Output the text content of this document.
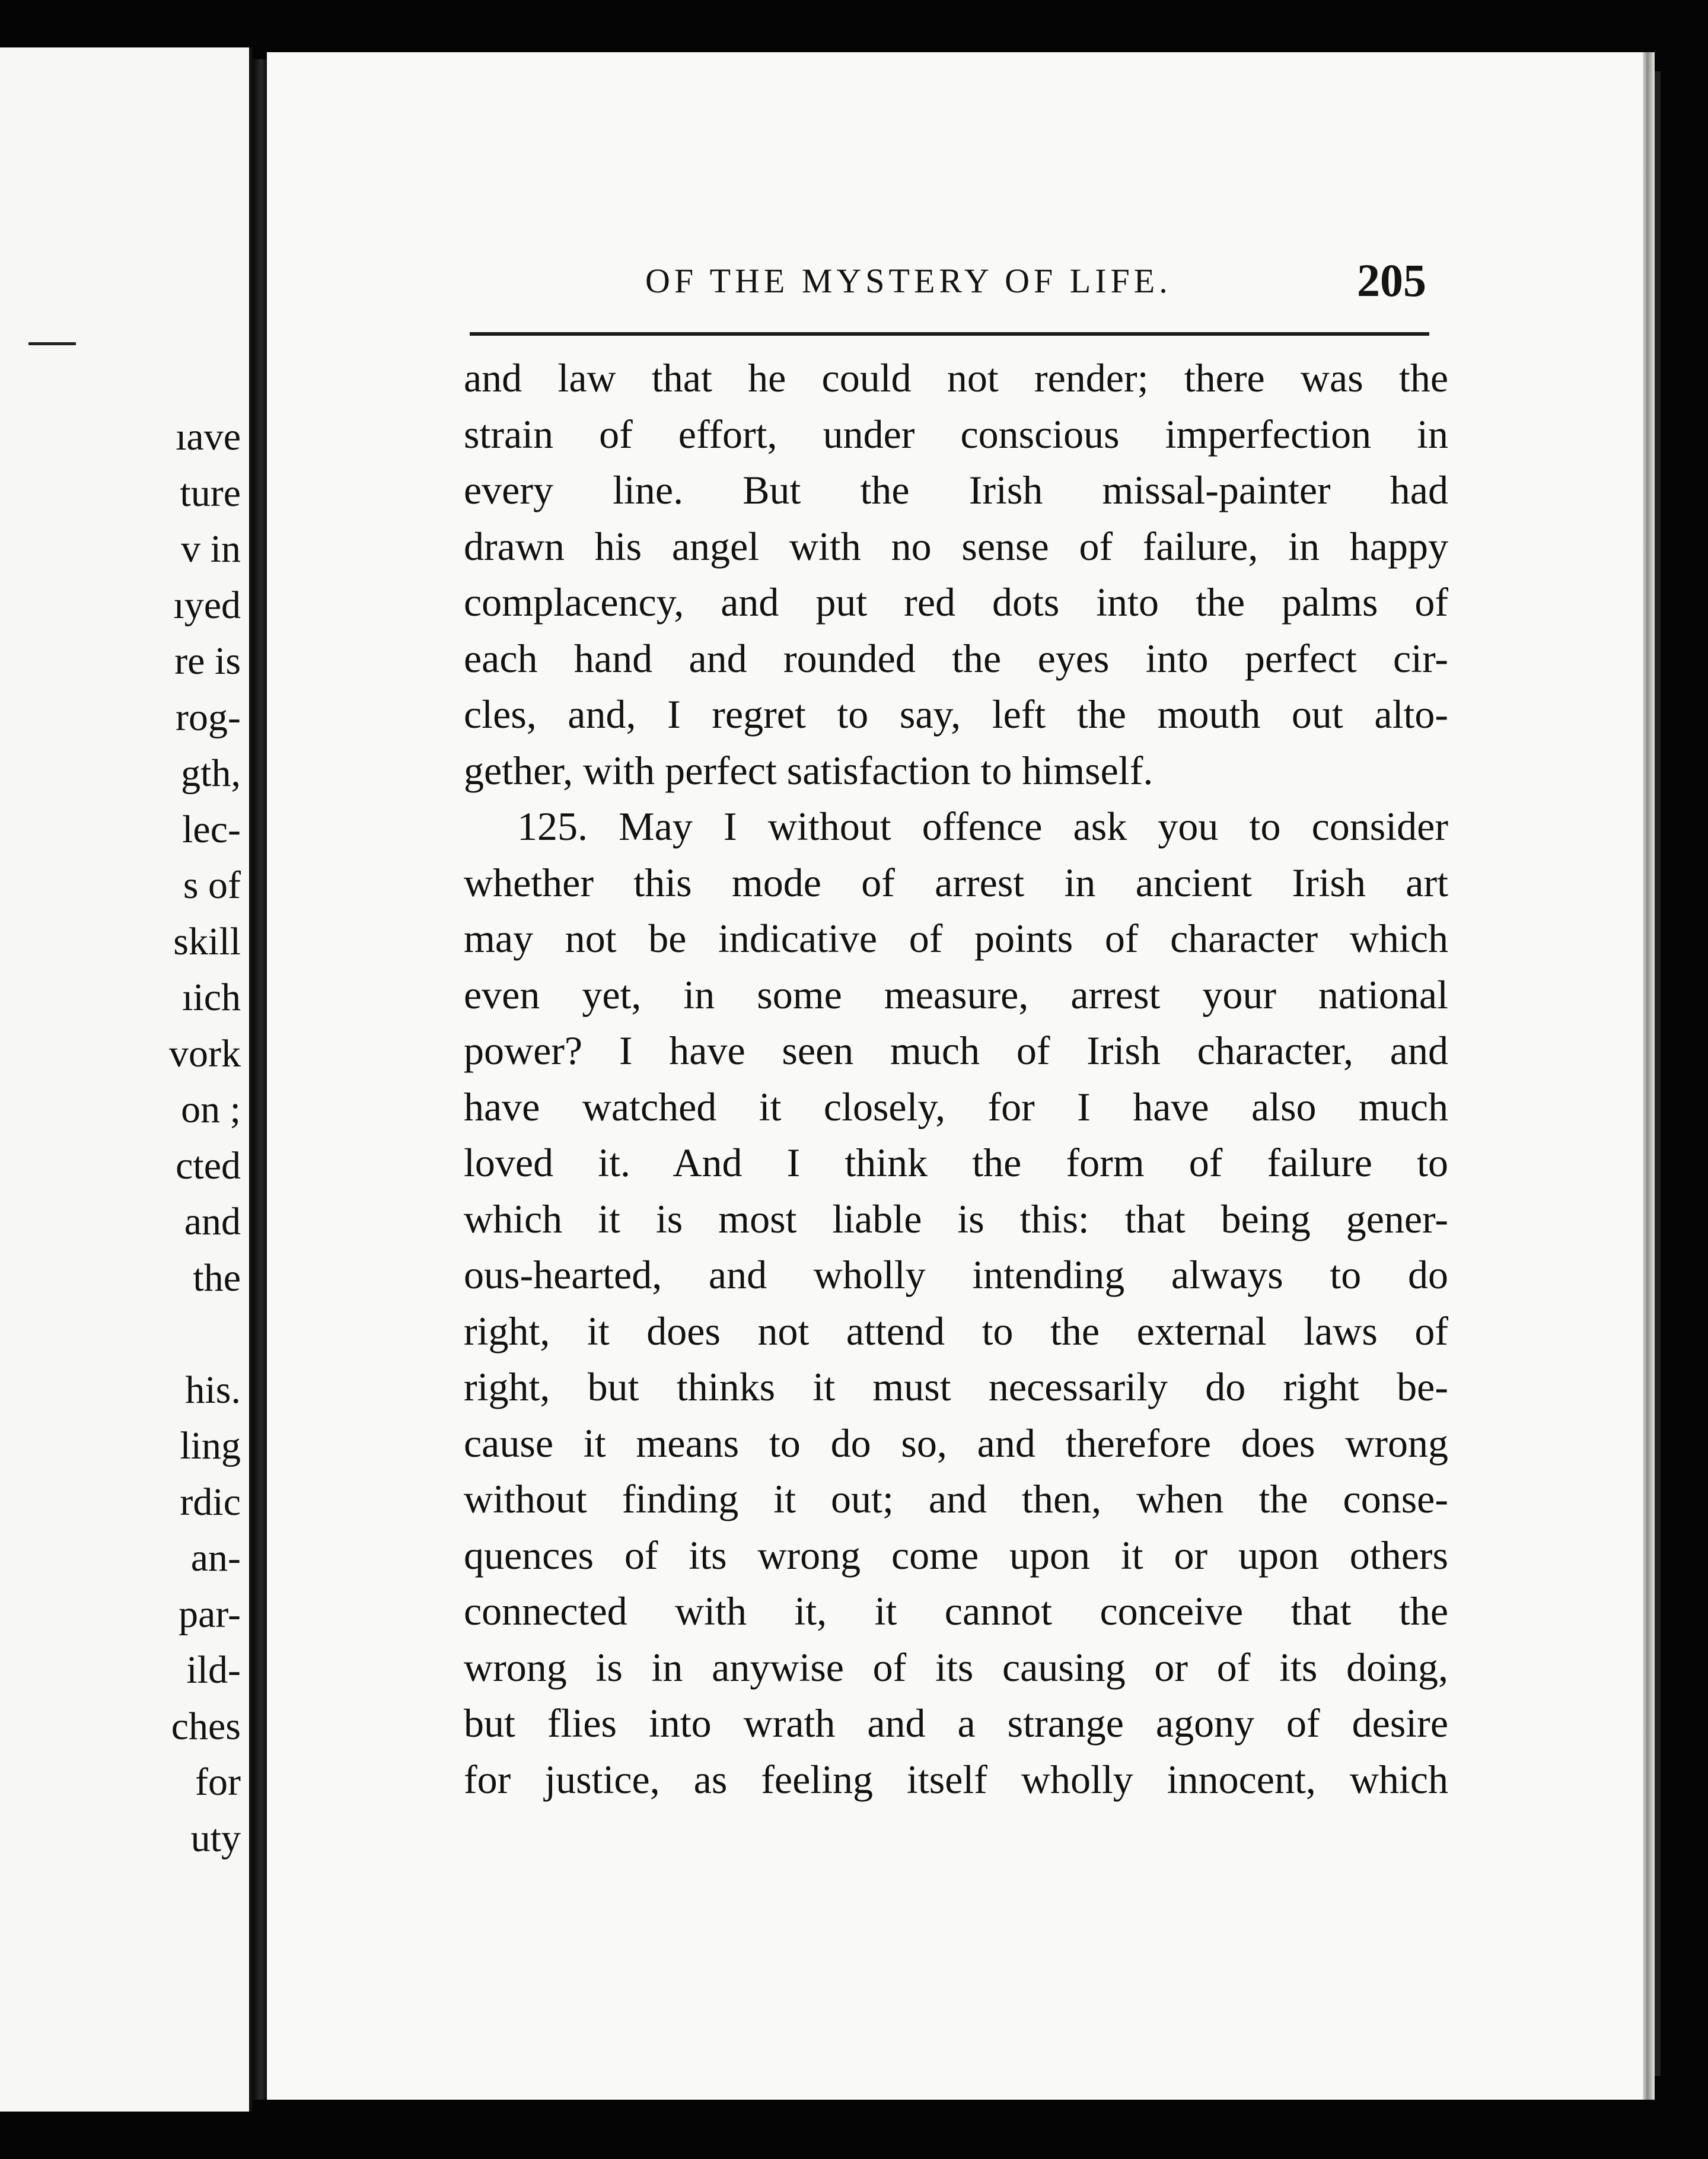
ıave
ture
v in
ıyed
re is
rog-
gth,
lec-
s of
skill
ıich
vork
on ;
cted
and
the
his.
ling
rdic
an-
par-
ild-
ches
for
uty
OF THE MYSTERY OF LIFE.	205
and law that he could not render; there was the
strain of effort, under conscious imperfection in
every line. But the Irish missal-painter had
drawn his angel with no sense of failure, in happy
complacency, and put red dots into the palms of
each hand and rounded the eyes into perfect cir-
cles, and, I regret to say, left the mouth out alto-
gether, with perfect satisfaction to himself.
125. May I without offence ask you to consider
whether this mode of arrest in ancient Irish art
may not be indicative of points of character which
even yet, in some measure, arrest your national
power? I have seen much of Irish character, and
have watched it closely, for I have also much
loved it. And I think the form of failure to
which it is most liable is this: that being gener-
ous-hearted, and wholly intending always to do
right, it does not attend to the external laws of
right, but thinks it must necessarily do right be-
cause it means to do so, and therefore does wrong
without finding it out; and then, when the conse-
quences of its wrong come upon it or upon others
connected with it, it cannot conceive that the
wrong is in anywise of its causing or of its doing,
but flies into wrath and a strange agony of desire
for justice, as feeling itself wholly innocent, which
